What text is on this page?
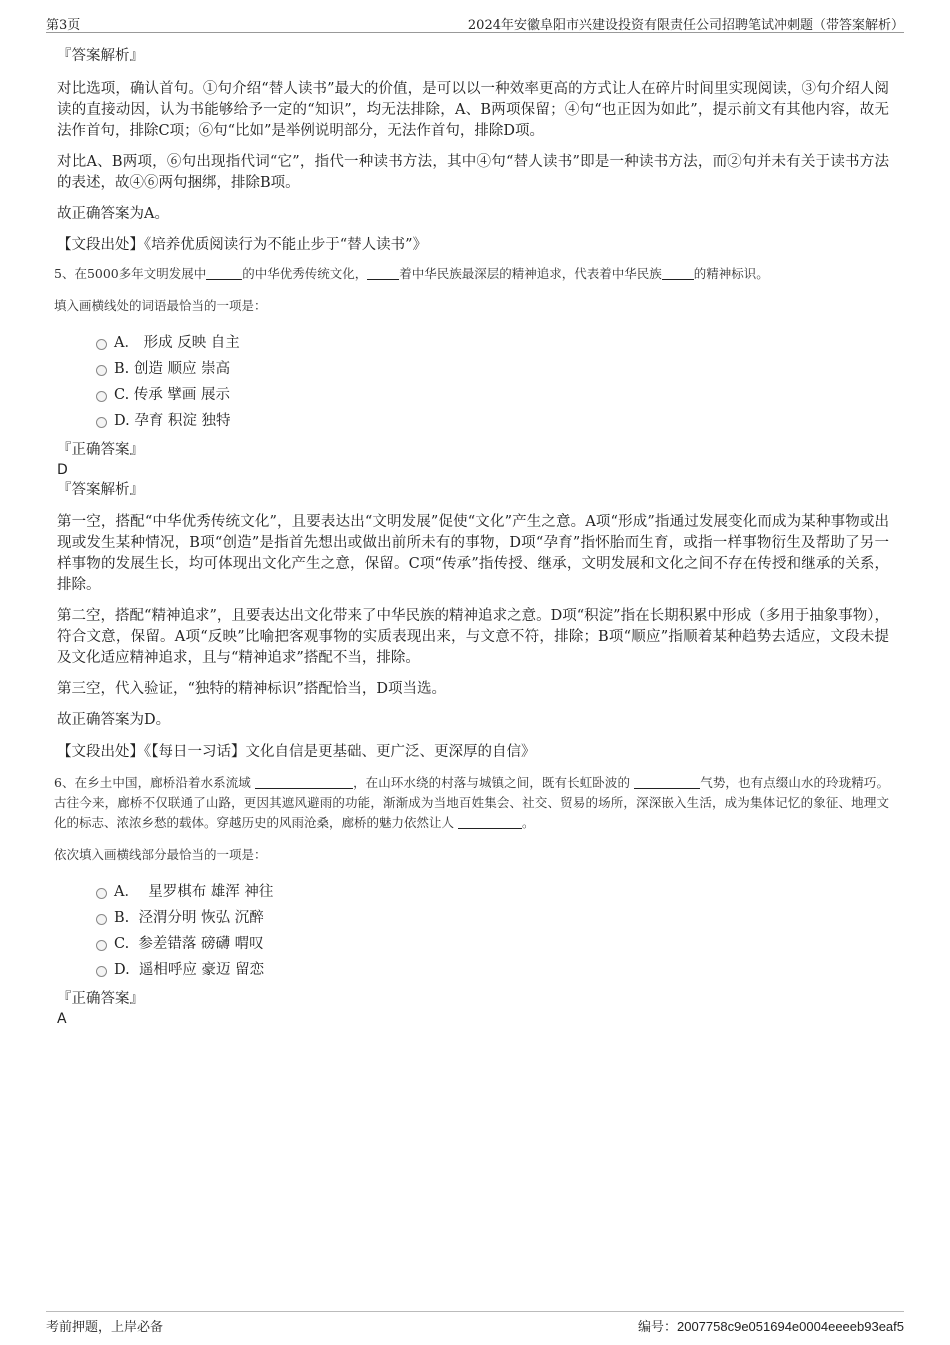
第3页	2024年安徽阜阳市兴建设投资有限责任公司招聘笔试冲刺题（带答案解析）

『答案解析』

对比选项，确认首句。①句介绍“替人读书”最大的价值，是可以以一种效率更高的方式让人在碎片时间里实现阅读，③句介绍人阅读的直接动因，认为书能够给予一定的“知识”，均无法排除，A、B两项保留；④句“也正因为如此”，提示前文有其他内容，故无法作首句，排除C项；⑥句“比如”是举例说明部分，无法作首句，排除D项。

对比A、B两项，⑥句出现指代词“它”，指代一种读书方法，其中④句“替人读书”即是一种读书方法，而②句并未有关于读书方法的表述，故④⑥两句捆绑，排除B项。

故正确答案为A。

【文段出处】《培养优质阅读行为不能止步于“替人读书”》

5、在5000多年文明发展中	的中华优秀传统文化，	着中华民族最深层的精神追求，代表着中华民族	的精神标识。

填入画横线处的词语最恰当的一项是：

A． 形成 反映 自主
B. 创造 顺应 崇高
C. 传承 擘画 展示
D. 孕育 积淀 独特

『正确答案』

D

『答案解析』

第一空，搭配“中华优秀传统文化”，且要表达出“文明发展”促使“文化”产生之意。A项“形成”指通过发展变化而成为某种事物或出现或发生某种情况，B项“创造”是指首先想出或做出前所未有的事物，D项“孕育”指怀胎而生育，或指一样事物衍生及帮助了另一样事物的发展生长，均可体现出文化产生之意，保留。C项“传承”指传授、继承，文明发展和文化之间不存在传授和继承的关系，排除。

第二空，搭配“精神追求”，且要表达出文化带来了中华民族的精神追求之意。D项“积淀”指在长期积累中形成（多用于抽象事物），符合文意，保留。A项“反映”比喻把客观事物的实质表现出来，与文意不符，排除；B项“顺应”指顺着某种趋势去适应，文段未提及文化适应精神追求，且与“精神追求”搭配不当，排除。

第三空，代入验证，“独特的精神标识”搭配恰当，D项当选。

故正确答案为D。

【文段出处】《【每日一习话】文化自信是更基础、更广泛、更深厚的自信》

6、在乡土中国，廊桥沿着水系流域	，在山环水绕的村落与城镇之间，既有长虹卧波的	气势，也有点缀山水的玲珑精巧。古往今来，廊桥不仅联通了山路，更因其遮风避雨的功能，渐渐成为当地百姓集会、社交、贸易的场所，深深嵌入生活，成为集体记忆的象征、地理文化的标志、浓浓乡愁的载体。穿越历史的风雨沧桑，廊桥的魅力依然让人	。

依次填入画横线部分最恰当的一项是：

A． 星罗棋布 雄浑 神往
B. 泾渭分明 恢弘 沉醉
C. 参差错落 磅礴 喟叹
D. 遥相呼应 豪迈 留恋

『正确答案』

A

考前押题，上岸必备	编号：2007758c9e051694e0004eeeeb93eaf5
